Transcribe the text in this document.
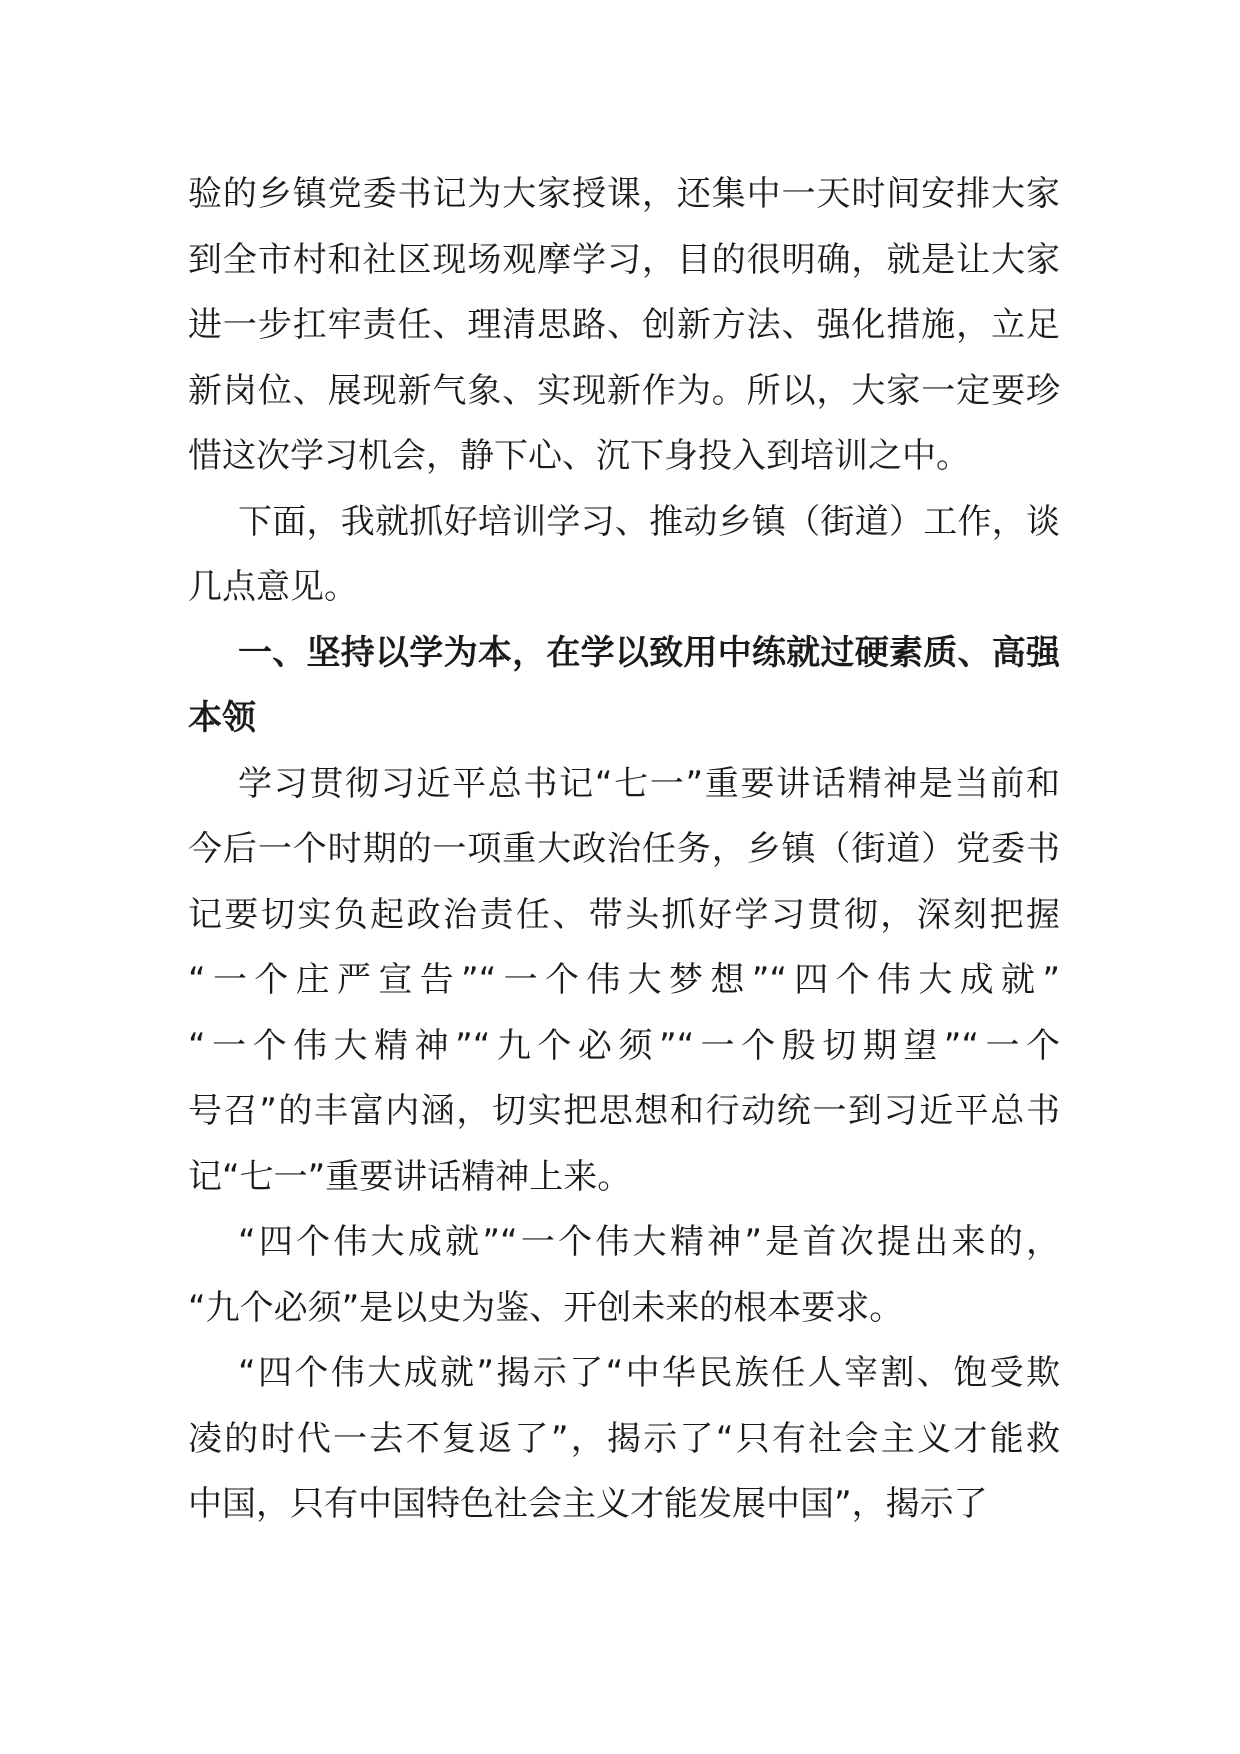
验的乡镇党委书记为大家授课，还集中一天时间安排大家
到全市村和社区现场观摩学习，目的很明确，就是让大家
进一步扛牢责任、理清思路、创新方法、强化措施，立足
新岗位、展现新气象、实现新作为。所以，大家一定要珍
惜这次学习机会，静下心、沉下身投入到培训之中。
下面，我就抓好培训学习、推动乡镇（街道）工作，谈
几点意见。
一、坚持以学为本，在学以致用中练就过硬素质、高强
本领
学习贯彻习近平总书记“七一”重要讲话精神是当前和
今后一个时期的一项重大政治任务，乡镇（街道）党委书
记要切实负起政治责任、带头抓好学习贯彻，深刻把握
“一个庄严宣告”“一个伟大梦想”“四个伟大成就”
“一个伟大精神”“九个必须”“一个殷切期望”“一个
号召”的丰富内涵，切实把思想和行动统一到习近平总书
记“七一”重要讲话精神上来。
“四个伟大成就”“一个伟大精神”是首次提出来的，
“九个必须”是以史为鉴、开创未来的根本要求。
“四个伟大成就”揭示了“中华民族任人宰割、饱受欺
凌的时代一去不复返了”，揭示了“只有社会主义才能救
中国，只有中国特色社会主义才能发展中国”，揭示了
